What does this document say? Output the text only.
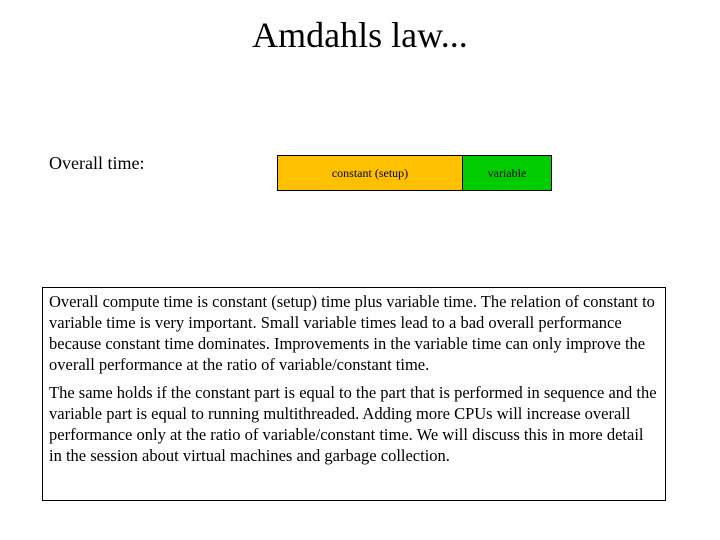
Amdahls law...
Overall time:	constant (setup)	variable

Overall compute time is constant (setup) time plus variable time. The relation of constant to variable time is very important. Small variable times lead to a bad overall performance because constant time dominates. Improvements in the variable time can only improve the overall performance at the ratio of variable/constant time.

The same holds if the constant part is equal to the part that is performed in sequence and the variable part is equal to running multithreaded. Adding more CPUs will increase overall performance only at the ratio of variable/constant time. We will discuss this in more detail in the session about virtual machines and garbage collection.
